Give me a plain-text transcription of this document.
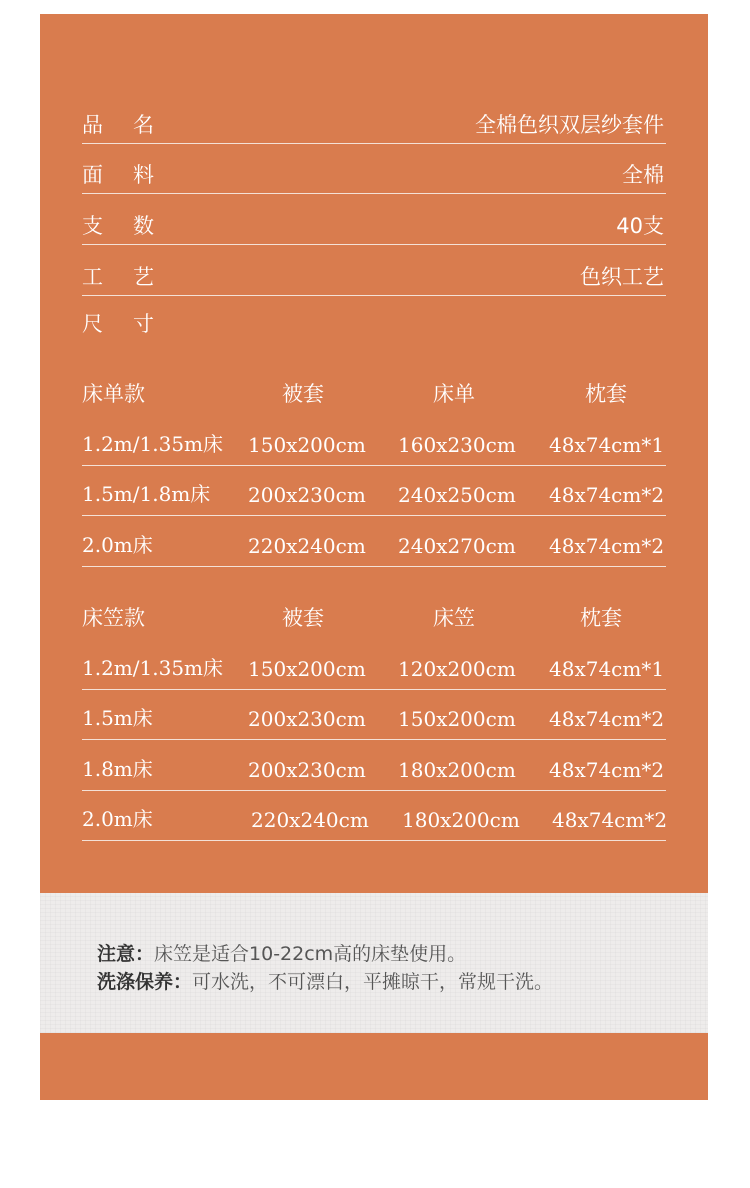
品名	全棉色织双层纱套件
面料	全棉
支数	40支
工艺	色织工艺
尺寸
床单款	被套	床单	枕套
1.2m/1.35m床 150x200cm 160x230cm 48x74cm*1
1.5m/1.8m床 200x230cm 240x250cm 48x74cm*2
2.0m床	220x240cm 240x270cm 48x74cm*2
床笠款	被套	床笠	枕套
1.2m/1.35m床 150x200cm 120x200cm 48x74cm*1
1.5m床	200x230cm 150x200cm 48x74cm*2
1.8m床	200x230cm 180x200cm 48x74cm*2
2.0m床	220x240cm 180x200cm 48x74cm*2
注意：床笠是适合10-22cm高的床垫使用。
洗涤保养：可水洗，不可漂白，平摊晾干，常规干洗。
